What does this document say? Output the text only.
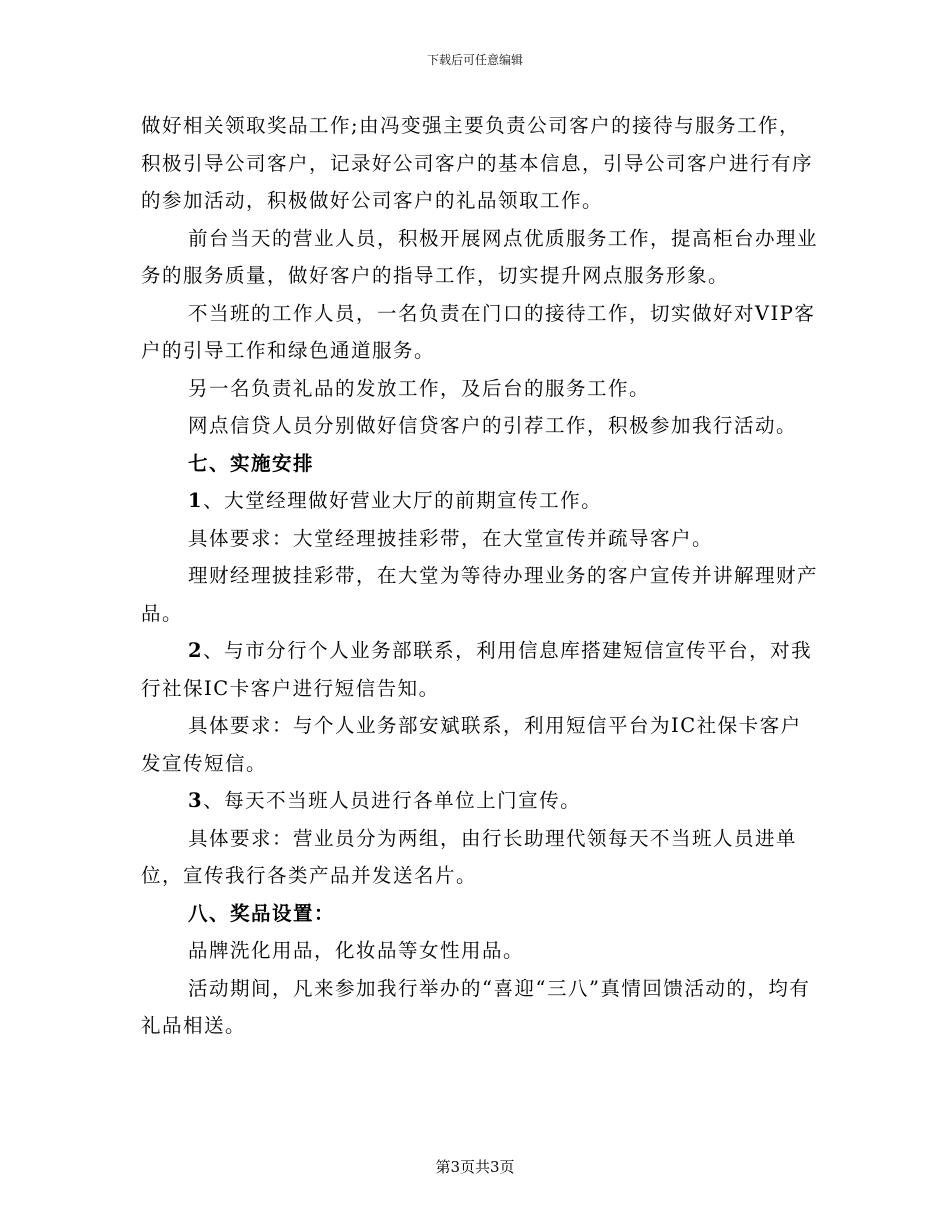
下载后可任意编辑

做好相关领取奖品工作;由冯变强主要负责公司客户的接待与服务工作，积极引导公司客户，记录好公司客户的基本信息，引导公司客户进行有序的参加活动，积极做好公司客户的礼品领取工作。

前台当天的营业人员，积极开展网点优质服务工作，提高柜台办理业务的服务质量，做好客户的指导工作，切实提升网点服务形象。

不当班的工作人员，一名负责在门口的接待工作，切实做好对VIP客户的引导工作和绿色通道服务。

另一名负责礼品的发放工作，及后台的服务工作。

网点信贷人员分别做好信贷客户的引荐工作，积极参加我行活动。

七、实施安排

1、大堂经理做好营业大厅的前期宣传工作。

具体要求：大堂经理披挂彩带，在大堂宣传并疏导客户。

理财经理披挂彩带，在大堂为等待办理业务的客户宣传并讲解理财产品。

2、与市分行个人业务部联系，利用信息库搭建短信宣传平台，对我行社保IC卡客户进行短信告知。

具体要求：与个人业务部安斌联系，利用短信平台为IC社保卡客户发宣传短信。

3、每天不当班人员进行各单位上门宣传。

具体要求：营业员分为两组，由行长助理代领每天不当班人员进单位，宣传我行各类产品并发送名片。

八、奖品设置：

品牌洗化用品，化妆品等女性用品。

活动期间，凡来参加我行举办的“喜迎“三八”真情回馈活动的，均有礼品相送。

第3页共3页
